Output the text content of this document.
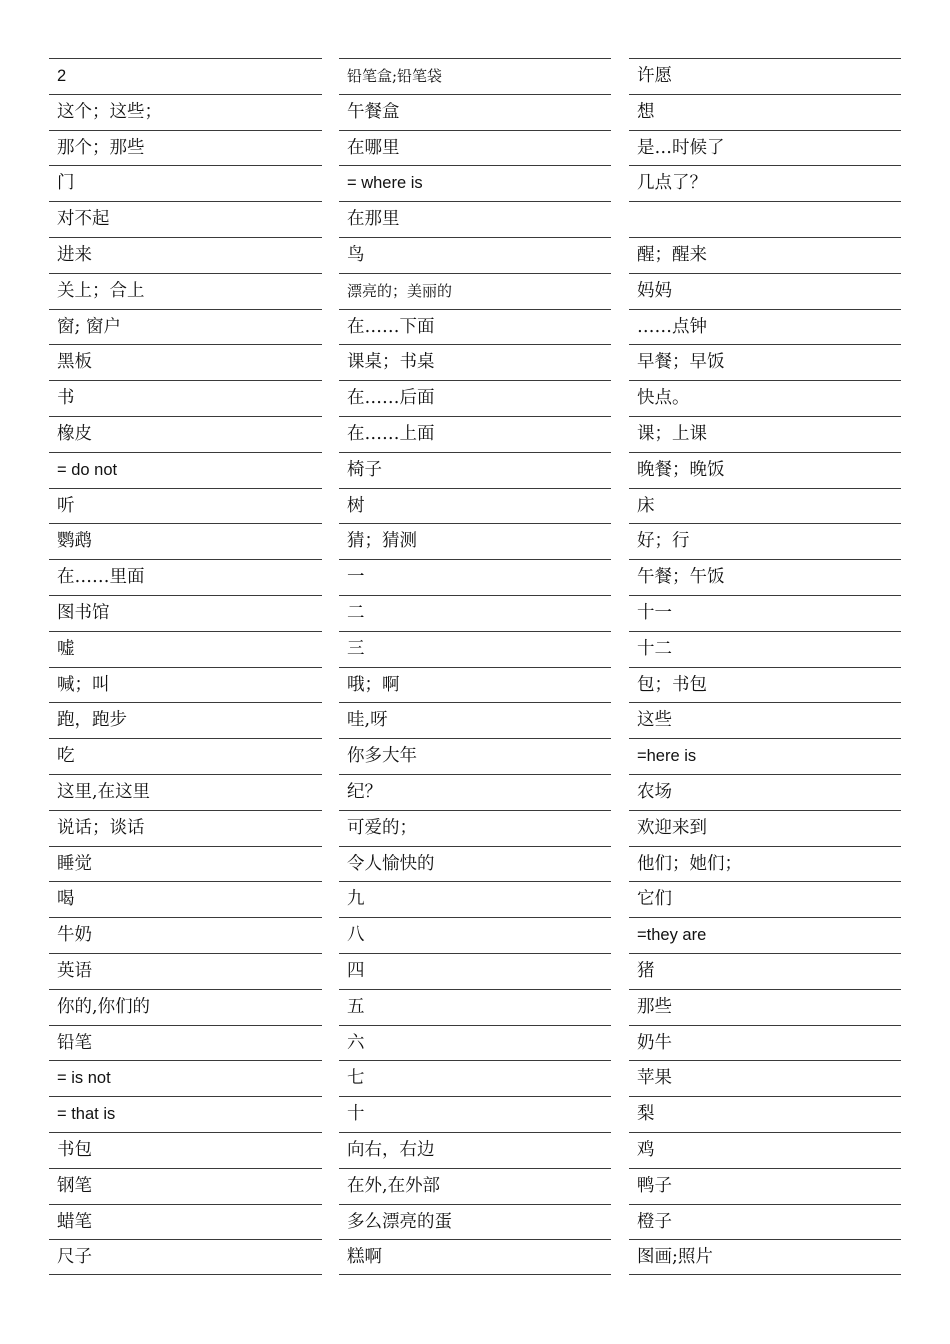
2
这个；这些；
那个；那些
门
对不起
进来
关上；合上
窗; 窗户
黑板
书
橡皮
= do not
听
鹦鹉
在……里面
图书馆
嘘
喊；叫
跑，跑步
吃
这里,在这里
说话；谈话
睡觉
喝
牛奶
英语
你的,你们的
铅笔
= is not
= that is
书包
钢笔
蜡笔
尺子
铅笔盒;铅笔袋
午餐盒
在哪里
= where is
在那里
鸟
漂亮的；美丽的
在……下面
课桌；书桌
在……后面
在……上面
椅子
树
猜；猜测
一
二
三
哦；啊
哇,呀
你多大年
纪？
可爱的；
令人愉快的
九
八
四
五
六
七
十
向右，右边
在外,在外部
多么漂亮的蛋
糕啊
许愿
想
是…时候了
几点了？
醒；醒来
妈妈
……点钟
早餐；早饭
快点。
课；上课
晚餐；晚饭
床
好；行
午餐；午饭
十一
十二
包；书包
这些
=here is
农场
欢迎来到
他们；她们；
它们
=they are
猪
那些
奶牛
苹果
梨
鸡
鸭子
橙子
图画;照片
